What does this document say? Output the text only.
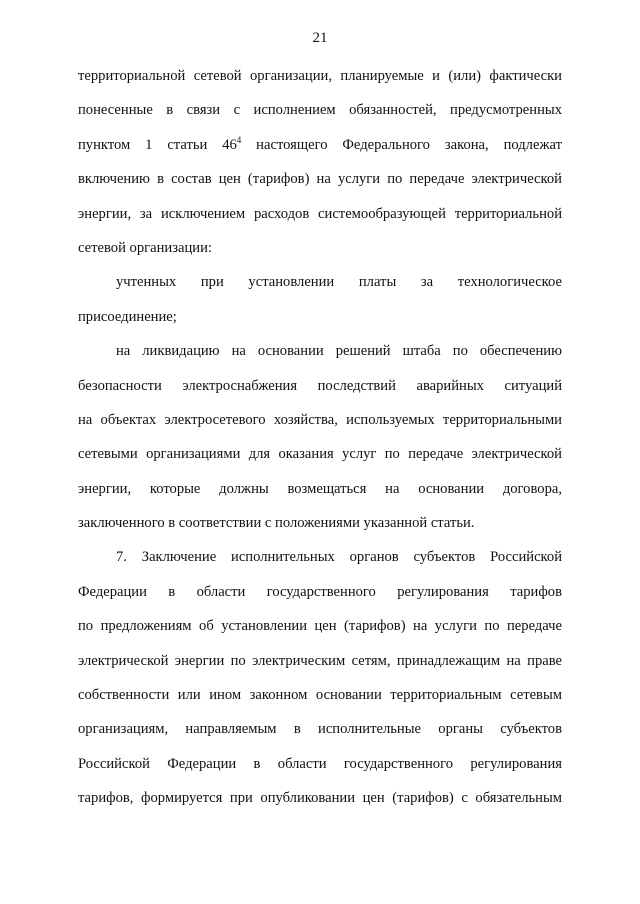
21
территориальной сетевой организации, планируемые и (или) фактически
понесенные в связи с исполнением обязанностей, предусмотренных
пунктом 1 статьи $46^4$ настоящего Федерального закона, подлежат
включению в состав цен (тарифов) на услуги по передаче электрической
энергии, за исключением расходов системообразующей территориальной
сетевой организации:
учтенных при установлении платы за технологическое
присоединение;
на ликвидацию на основании решений штаба по обеспечению
безопасности электроснабжения последствий аварийных ситуаций
на объектах электросетевого хозяйства, используемых территориальными
сетевыми организациями для оказания услуг по передаче электрической
энергии, которые должны возмещаться на основании договора,
заключенного в соответствии с положениями указанной статьи.
7. Заключение исполнительных органов субъектов Российской
Федерации в области государственного регулирования тарифов
по предложениям об установлении цен (тарифов) на услуги по передаче
электрической энергии по электрическим сетям, принадлежащим на праве
собственности или ином законном основании территориальным сетевым
организациям, направляемым в исполнительные органы субъектов
Российской Федерации в области государственного регулирования
тарифов, формируется при опубликовании цен (тарифов) с обязательным
